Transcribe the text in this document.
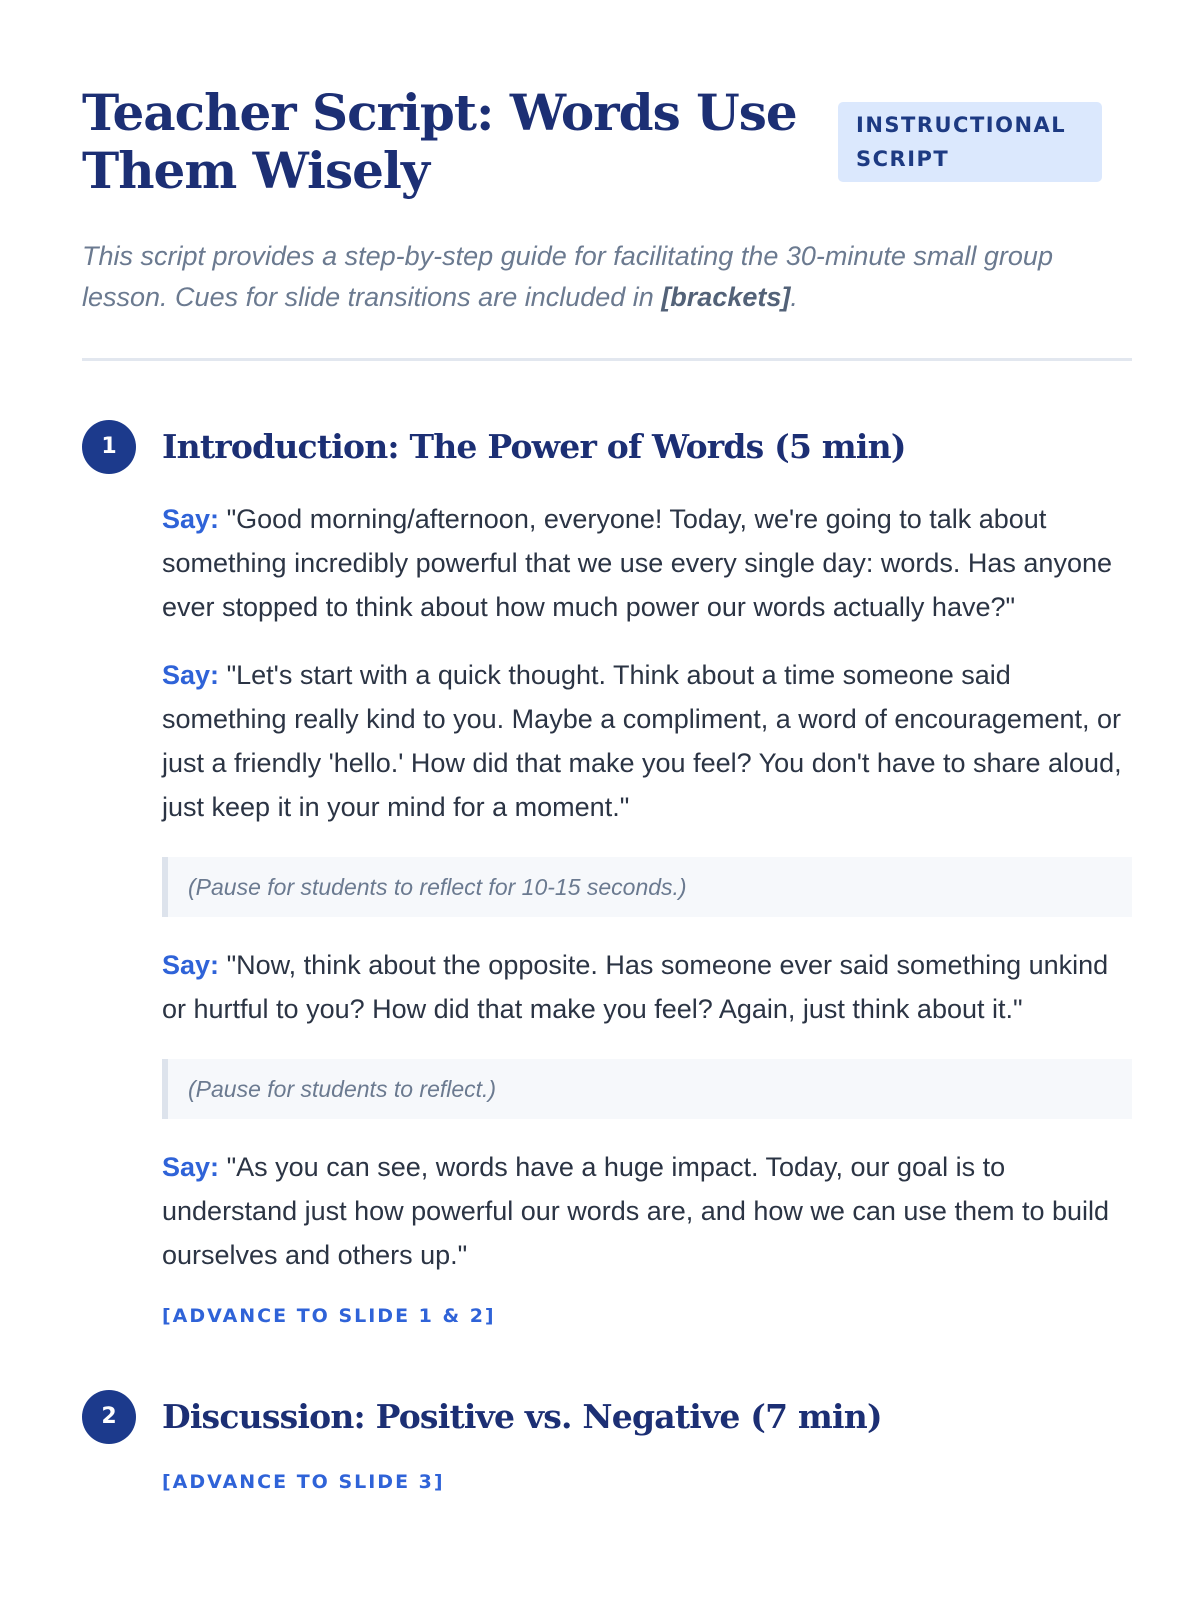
Teacher Script: Words Use Them Wisely
INSTRUCTIONAL SCRIPT

This script provides a step-by-step guide for facilitating the 30-minute small group lesson. Cues for slide transitions are included in [brackets].

1	Introduction: The Power of Words (5 min)

Say: "Good morning/afternoon, everyone! Today, we're going to talk about something incredibly powerful that we use every single day: words. Has anyone ever stopped to think about how much power our words actually have?"

Say: "Let's start with a quick thought. Think about a time someone said something really kind to you. Maybe a compliment, a word of encouragement, or just a friendly 'hello.' How did that make you feel? You don't have to share aloud, just keep it in your mind for a moment."

(Pause for students to reflect for 10-15 seconds.)

Say: "Now, think about the opposite. Has someone ever said something unkind or hurtful to you? How did that make you feel? Again, just think about it."

(Pause for students to reflect.)

Say: "As you can see, words have a huge impact. Today, our goal is to understand just how powerful our words are, and how we can use them to build ourselves and others up."

[ADVANCE TO SLIDE 1 & 2]

2	Discussion: Positive vs. Negative (7 min)

[ADVANCE TO SLIDE 3]
